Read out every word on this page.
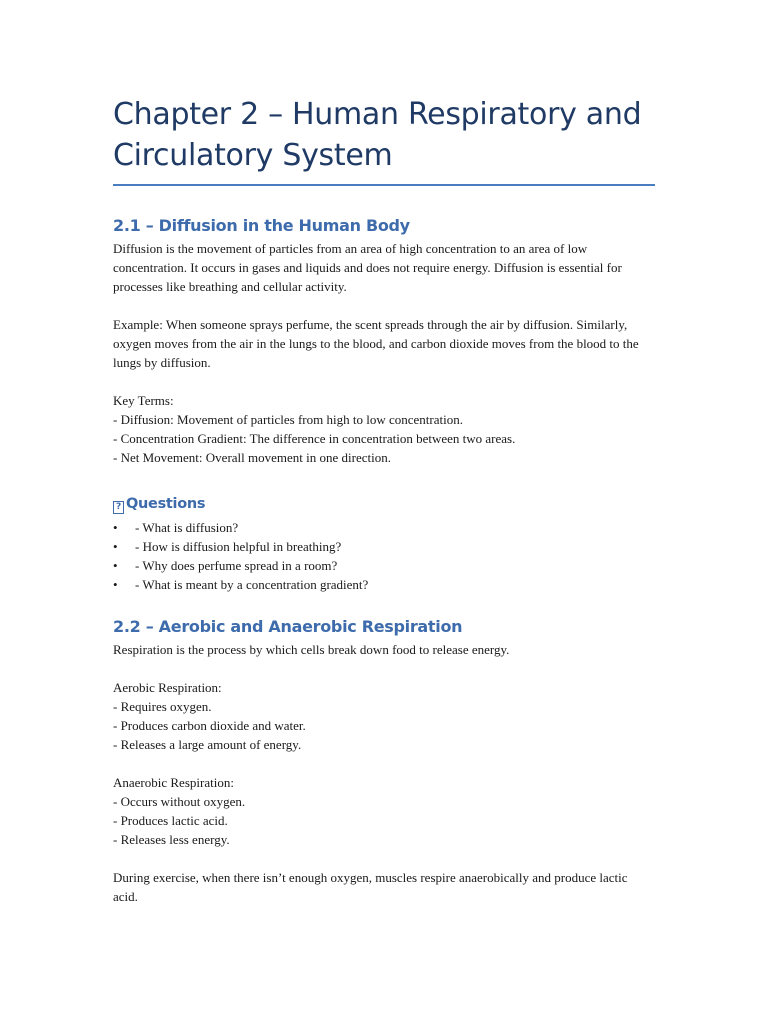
Chapter 2 – Human Respiratory and Circulatory System
2.1 – Diffusion in the Human Body

Diffusion is the movement of particles from an area of high concentration to an area of low concentration. It occurs in gases and liquids and does not require energy. Diffusion is essential for processes like breathing and cellular activity.

Example: When someone sprays perfume, the scent spreads through the air by diffusion. Similarly, oxygen moves from the air in the lungs to the blood, and carbon dioxide moves from the blood to the lungs by diffusion.

Key Terms:

- Diffusion: Movement of particles from high to low concentration.

- Concentration Gradient: The difference in concentration between two areas.

- Net Movement: Overall movement in one direction.

? Questions
• - What is diffusion?
• - How is diffusion helpful in breathing?
• - Why does perfume spread in a room?
• - What is meant by a concentration gradient?
2.2 – Aerobic and Anaerobic Respiration

Respiration is the process by which cells break down food to release energy.

Aerobic Respiration:

- Requires oxygen.

- Produces carbon dioxide and water.

- Releases a large amount of energy.

Anaerobic Respiration:

- Occurs without oxygen.

- Produces lactic acid.

- Releases less energy.

During exercise, when there isn’t enough oxygen, muscles respire anaerobically and produce lactic acid.
